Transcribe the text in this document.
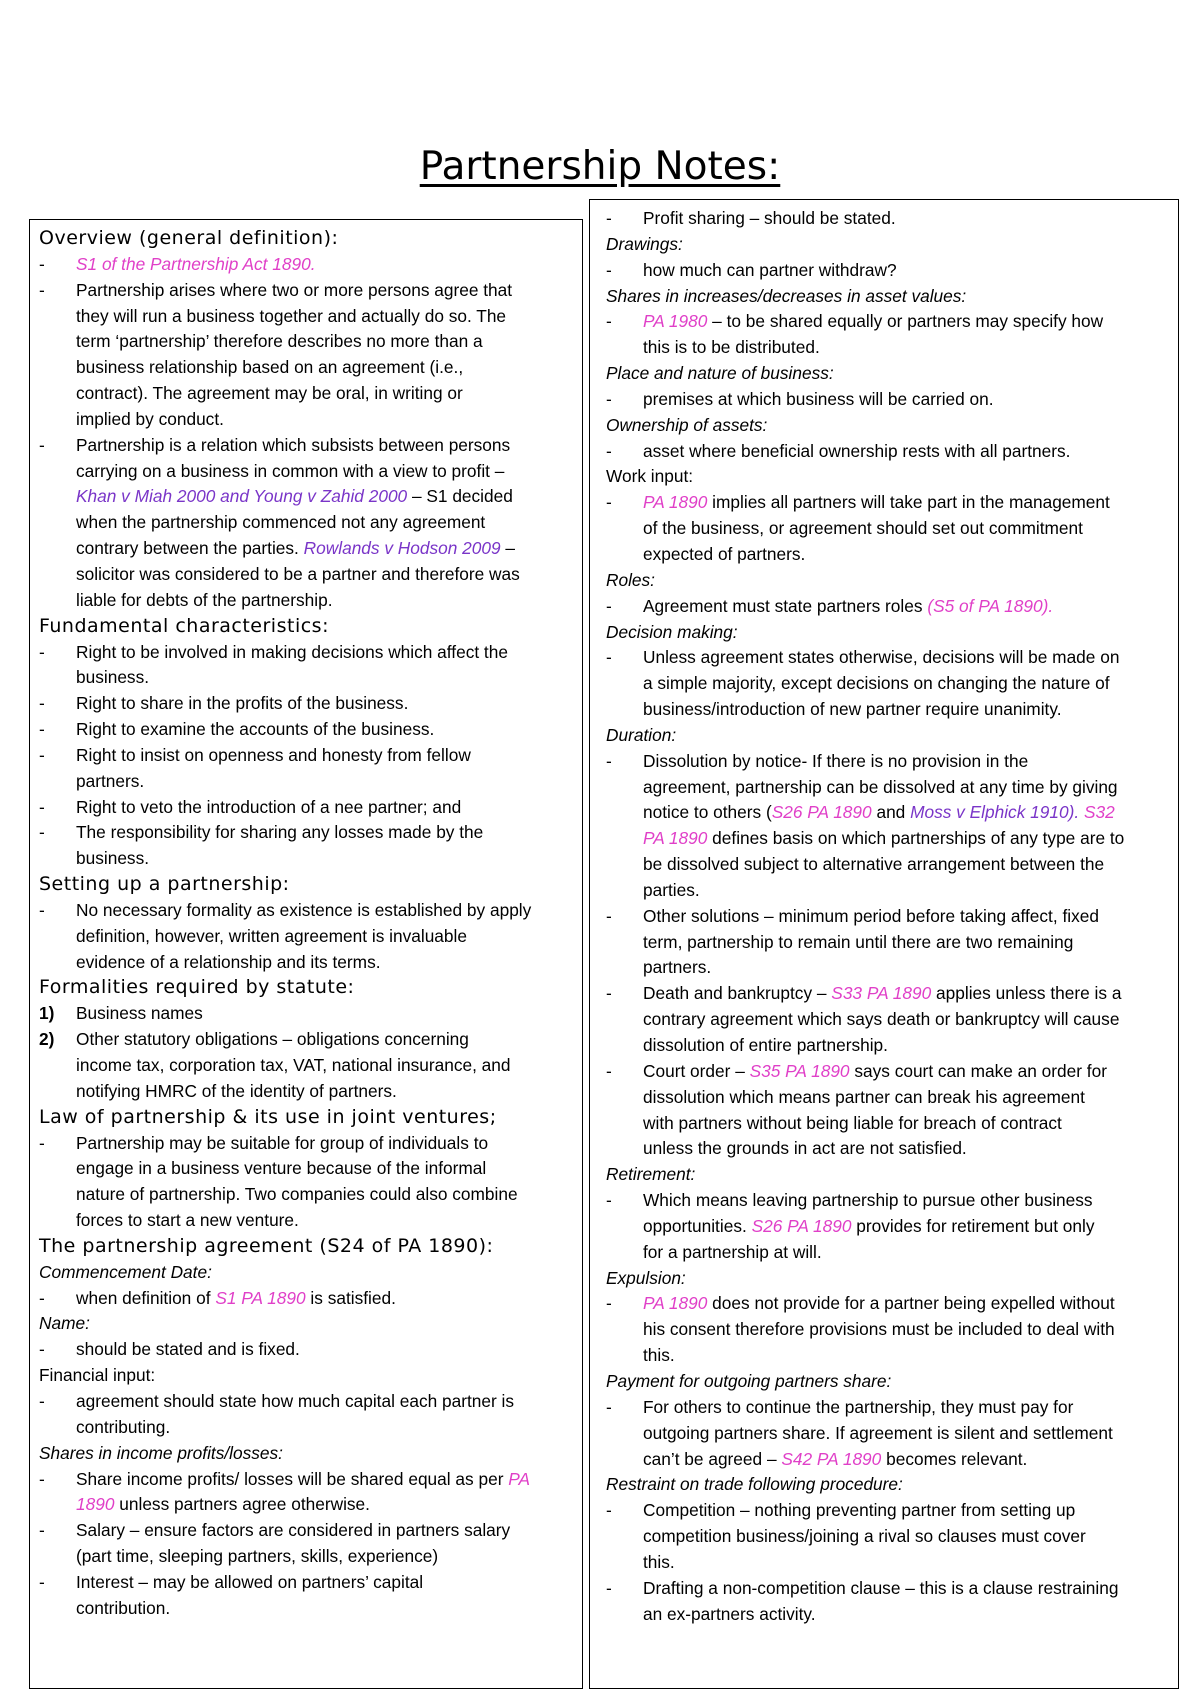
Partnership Notes:
Overview (general definition):
-	S1 of the Partnership Act 1890.
-	Partnership arises where two or more persons agree that
they will run a business together and actually do so. The
term ‘partnership’ therefore describes no more than a
business relationship based on an agreement (i.e.,
contract). The agreement may be oral, in writing or
implied by conduct.
-	Partnership is a relation which subsists between persons
carrying on a business in common with a view to profit –
Khan v Miah 2000 and Young v Zahid 2000 – S1 decided
when the partnership commenced not any agreement
contrary between the parties. Rowlands v Hodson 2009 –
solicitor was considered to be a partner and therefore was
liable for debts of the partnership.
Fundamental characteristics:
-	Right to be involved in making decisions which affect the
business.
-	Right to share in the profits of the business.
-	Right to examine the accounts of the business.
-	Right to insist on openness and honesty from fellow
partners.
-	Right to veto the introduction of a nee partner; and
-	The responsibility for sharing any losses made by the
business.
Setting up a partnership:
-	No necessary formality as existence is established by apply
definition, however, written agreement is invaluable
evidence of a relationship and its terms.
Formalities required by statute:
1)	Business names
2)	Other statutory obligations – obligations concerning
income tax, corporation tax, VAT, national insurance, and
notifying HMRC of the identity of partners.
Law of partnership & its use in joint ventures;
-	Partnership may be suitable for group of individuals to
engage in a business venture because of the informal
nature of partnership. Two companies could also combine
forces to start a new venture.
The partnership agreement (S24 of PA 1890):
Commencement Date:
-	when definition of S1 PA 1890 is satisfied.
Name:
-	should be stated and is fixed.
Financial input:
-	agreement should state how much capital each partner is
contributing.
Shares in income profits/losses:
-	Share income profits/ losses will be shared equal as per PA
1890 unless partners agree otherwise.
-	Salary – ensure factors are considered in partners salary
(part time, sleeping partners, skills, experience)
-	Interest – may be allowed on partners’ capital
contribution.
-	Profit sharing – should be stated.
Drawings:
-	how much can partner withdraw?
Shares in increases/decreases in asset values:
-	PA 1980 – to be shared equally or partners may specify how
this is to be distributed.
Place and nature of business:
-	premises at which business will be carried on.
Ownership of assets:
-	asset where beneficial ownership rests with all partners.
Work input:
-	PA 1890 implies all partners will take part in the management
of the business, or agreement should set out commitment
expected of partners.
Roles:
-	Agreement must state partners roles (S5 of PA 1890).
Decision making:
-	Unless agreement states otherwise, decisions will be made on
a simple majority, except decisions on changing the nature of
business/introduction of new partner require unanimity.
Duration:
-	Dissolution by notice- If there is no provision in the
agreement, partnership can be dissolved at any time by giving
notice to others (S26 PA 1890 and Moss v Elphick 1910). S32
PA 1890 defines basis on which partnerships of any type are to
be dissolved subject to alternative arrangement between the
parties.
-	Other solutions – minimum period before taking affect, fixed
term, partnership to remain until there are two remaining
partners.
-	Death and bankruptcy – S33 PA 1890 applies unless there is a
contrary agreement which says death or bankruptcy will cause
dissolution of entire partnership.
-	Court order – S35 PA 1890 says court can make an order for
dissolution which means partner can break his agreement
with partners without being liable for breach of contract
unless the grounds in act are not satisfied.
Retirement:
-	Which means leaving partnership to pursue other business
opportunities. S26 PA 1890 provides for retirement but only
for a partnership at will.
Expulsion:
-	PA 1890 does not provide for a partner being expelled without
his consent therefore provisions must be included to deal with
this.
Payment for outgoing partners share:
-	For others to continue the partnership, they must pay for
outgoing partners share. If agreement is silent and settlement
can’t be agreed – S42 PA 1890 becomes relevant.
Restraint on trade following procedure:
-	Competition – nothing preventing partner from setting up
competition business/joining a rival so clauses must cover
this.
-	Drafting a non-competition clause – this is a clause restraining
an ex-partners activity.
